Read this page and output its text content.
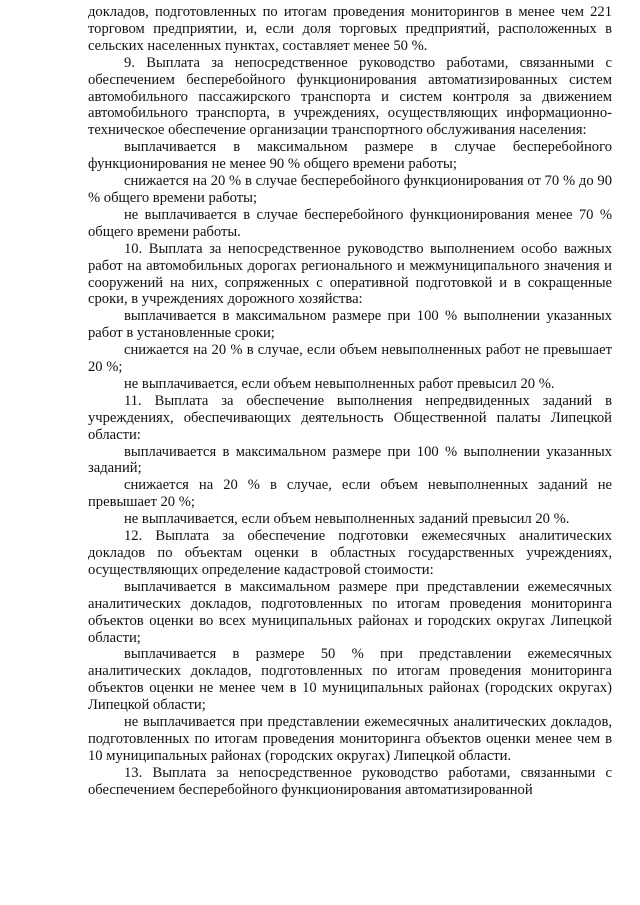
докладов, подготовленных по итогам проведения мониторингов в менее чем 221 торговом предприятии, и, если доля торговых предприятий, расположенных в сельских населенных пунктах, составляет менее 50 %.

9. Выплата за непосредственное руководство работами, связанными с обеспечением бесперебойного функционирования автоматизированных систем автомобильного пассажирского транспорта и систем контроля за движением автомобильного транспорта, в учреждениях, осуществляющих информационно-техническое обеспечение организации транспортного обслуживания населения:

выплачивается в максимальном размере в случае бесперебойного функционирования не менее 90 % общего времени работы;

снижается на 20 % в случае бесперебойного функционирования от 70 % до 90 % общего времени работы;

не выплачивается в случае бесперебойного функционирования менее 70 % общего времени работы.

10. Выплата за непосредственное руководство выполнением особо важных работ на автомобильных дорогах регионального и межмуниципального значения и сооружений на них, сопряженных с оперативной подготовкой и в сокращенные сроки, в учреждениях дорожного хозяйства:

выплачивается в максимальном размере при 100 % выполнении указанных работ в установленные сроки;

снижается на 20 % в случае, если объем невыполненных работ не превышает 20 %;

не выплачивается, если объем невыполненных работ превысил 20 %.

11. Выплата за обеспечение выполнения непредвиденных заданий в учреждениях, обеспечивающих деятельность Общественной палаты Липецкой области:

выплачивается в максимальном размере при 100 % выполнении указанных заданий;

снижается на 20 % в случае, если объем невыполненных заданий не превышает 20 %;

не выплачивается, если объем невыполненных заданий превысил 20 %.

12. Выплата за обеспечение подготовки ежемесячных аналитических докладов по объектам оценки в областных государственных учреждениях, осуществляющих определение кадастровой стоимости:

выплачивается в максимальном размере при представлении ежемесячных аналитических докладов, подготовленных по итогам проведения мониторинга объектов оценки во всех муниципальных районах и городских округах Липецкой области;

выплачивается в размере 50 % при представлении ежемесячных аналитических докладов, подготовленных по итогам проведения мониторинга объектов оценки не менее чем в 10 муниципальных районах (городских округах) Липецкой области;

не выплачивается при представлении ежемесячных аналитических докладов, подготовленных по итогам проведения мониторинга объектов оценки менее чем в 10 муниципальных районах (городских округах) Липецкой области.

13. Выплата за непосредственное руководство работами, связанными с обеспечением бесперебойного функционирования автоматизированной
